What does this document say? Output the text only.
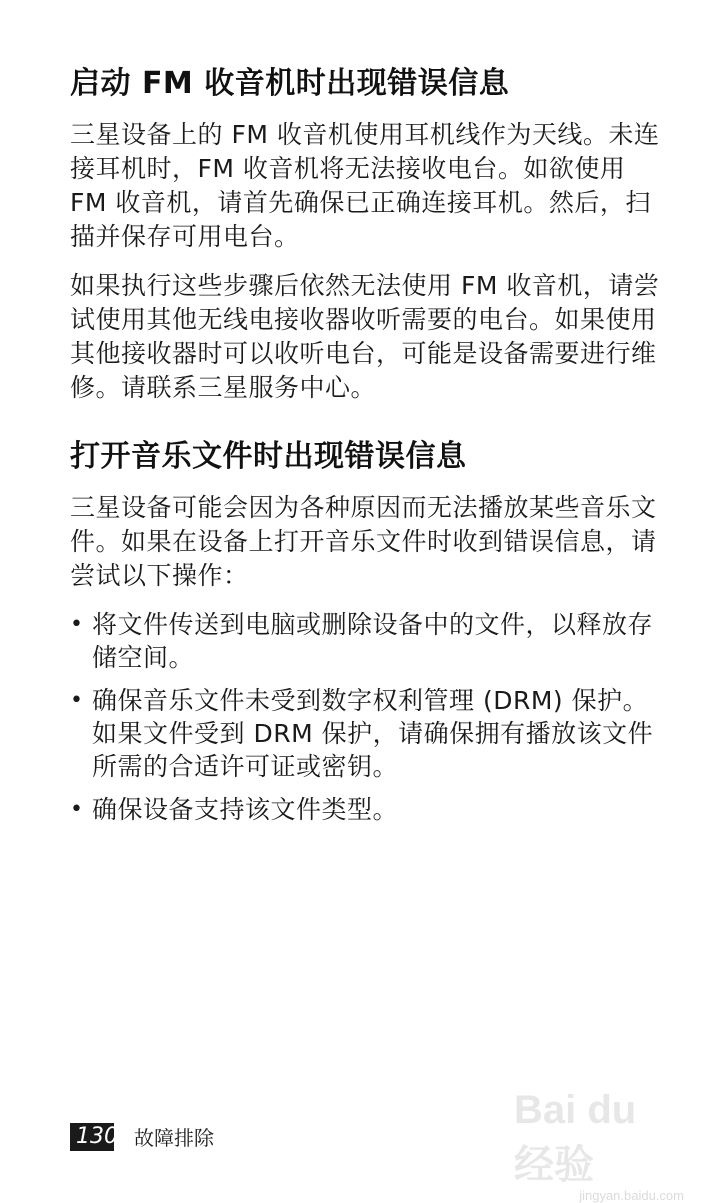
启动 FM 收音机时出现错误信息

三星设备上的 FM 收音机使用耳机线作为天线。未连接耳机时，FM 收音机将无法接收电台。如欲使用 FM 收音机，请首先确保已正确连接耳机。然后，扫描并保存可用电台。

如果执行这些步骤后依然无法使用 FM 收音机，请尝试使用其他无线电接收器收听需要的电台。如果使用其他接收器时可以收听电台，可能是设备需要进行维修。请联系三星服务中心。

打开音乐文件时出现错误信息

三星设备可能会因为各种原因而无法播放某些音乐文件。如果在设备上打开音乐文件时收到错误信息，请尝试以下操作：

• 将文件传送到电脑或删除设备中的文件，以释放存储空间。
• 确保音乐文件未受到数字权利管理 (DRM) 保护。如果文件受到 DRM 保护，请确保拥有播放该文件所需的合适许可证或密钥。
• 确保设备支持该文件类型。
130 故障排除
Bai du 经验
jingyan.baidu.com
